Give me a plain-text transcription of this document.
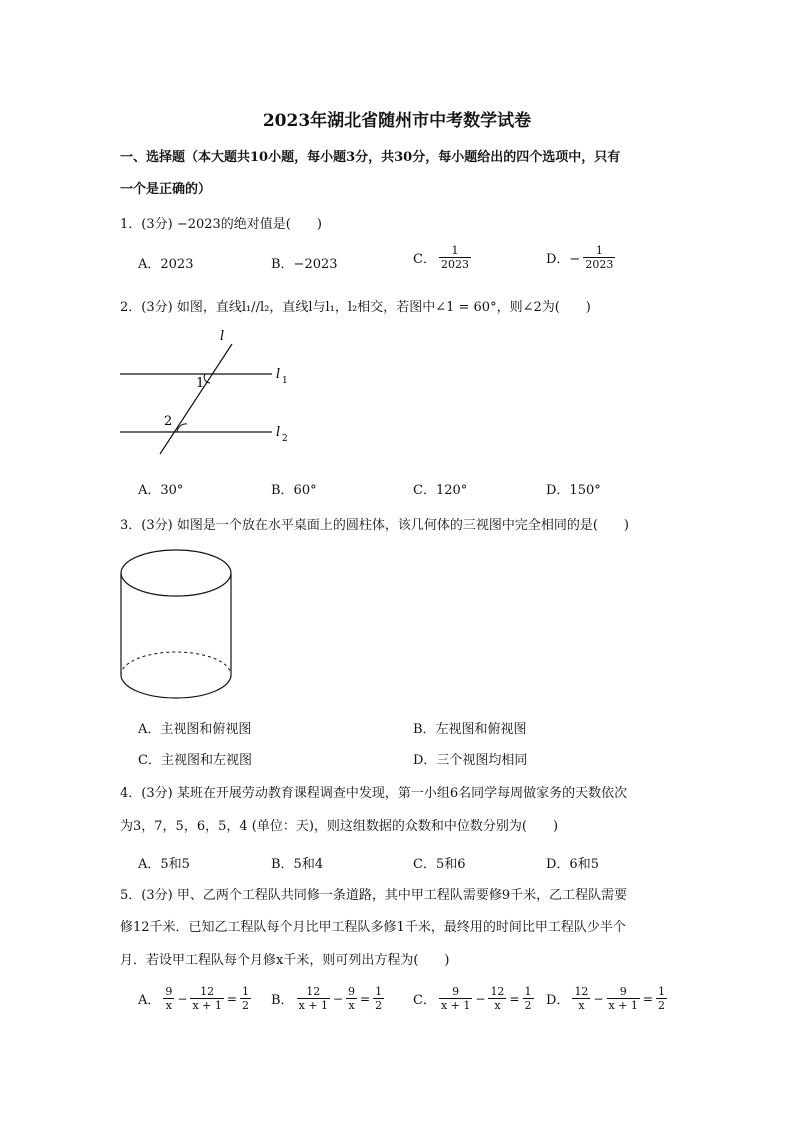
2023年湖北省随州市中考数学试卷
一、选择题（本大题共10小题，每小题3分，共30分，每小题给出的四个选项中，只有
一个是正确的）
1．(3分) −2023的绝对值是(　　)
A．2023	B．−2023	C． $\frac{1}{2023}$	D．− $\frac{1}{2023}$
2．(3分) 如图，直线l₁//l₂，直线l与l₁，l₂相交，若图中∠1 = 60°，则∠2为(　　)
l
l 1
l 2
1
2
A．30°	B．60°	C．120°	D．150°
3．(3分) 如图是一个放在水平桌面上的圆柱体，该几何体的三视图中完全相同的是(　　)
A．主视图和俯视图	B．左视图和俯视图
C．主视图和左视图	D．三个视图均相同
4．(3分) 某班在开展劳动教育课程调查中发现，第一小组6名同学每周做家务的天数依次
为3，7，5，6，5，4 (单位：天)，则这组数据的众数和中位数分别为(　　)
A．5和5	B．5和4	C．5和6	D．6和5
5．(3分) 甲、乙两个工程队共同修一条道路，其中甲工程队需要修9千米，乙工程队需要
修12千米．已知乙工程队每个月比甲工程队多修1千米，最终用的时间比甲工程队少半个
月．若设甲工程队每个月修x千米，则可列出方程为(　　)
A． $\frac{9}{x} - \frac{12}{x + 1} = \frac{1}{2}$ B． $\frac{12}{x + 1} - \frac{9}{x} = \frac{1}{2}$ C． $\frac{9}{x + 1} - \frac{12}{x} = \frac{1}{2}$ D． $\frac{12}{x} - \frac{9}{x + 1} = \frac{1}{2}$
